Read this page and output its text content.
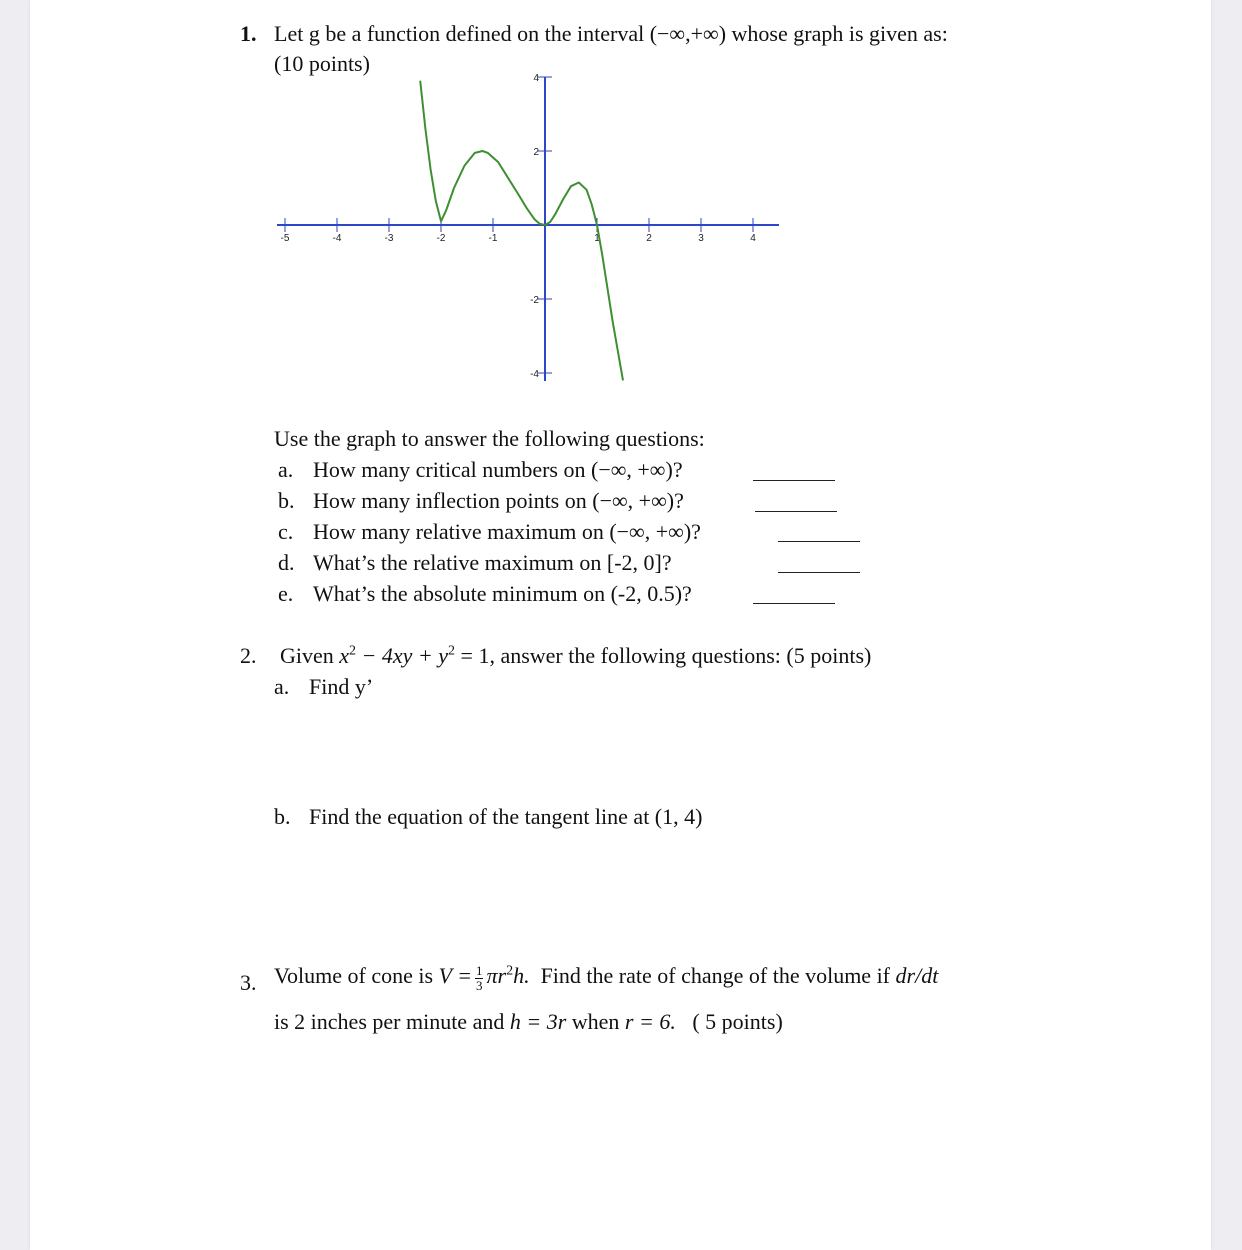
1. Let g be a function defined on the interval (−∞,+∞) whose graph is given as:
(10 points)
-5	-4	-3	-2	-1	1	2	3	4
4
2
-2
-4
Use the graph to answer the following questions:
a. How many critical numbers on (−∞, +∞)?
b. How many inflection points on (−∞, +∞)?
c. How many relative maximum on (−∞, +∞)?
d. What’s the relative maximum on [-2, 0]?
e. What’s the absolute minimum on (-2, 0.5)?
2. Given $x^2 - 4xy + y^2 = 1$, answer the following questions: (5 points)
a. Find y’
b. Find the equation of the tangent line at (1, 4)
3. Volume of cone is $V = \frac{1}{3} \pi r^2h$. Find the rate of change of the volume if dr/dt
is 2 inches per minute and h = 3r when r = 6. ( 5 points)
